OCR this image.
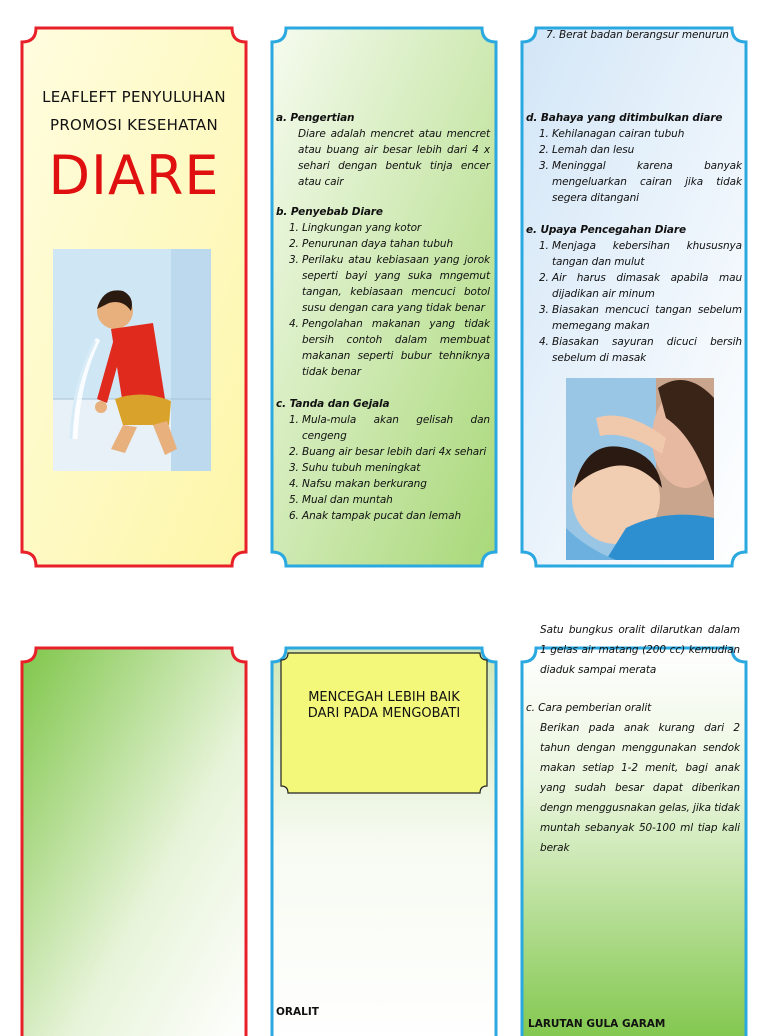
LEAFLEFT PENYULUHAN
PROMOSI KESEHATAN
DIARE
a. Pengertian
Diare adalah mencret atau mencret atau buang air besar lebih dari 4 x sehari dengan bentuk tinja encer atau cair
b. Penyebab Diare
1. Lingkungan yang kotor
2. Penurunan daya tahan tubuh
3. Perilaku atau kebiasaan yang jorok seperti bayi yang suka mngemut tangan, kebiasaan mencuci botol susu dengan cara yang tidak benar
4. Pengolahan makanan yang tidak bersih contoh dalam membuat makanan seperti bubur tehniknya tidak benar
c. Tanda dan Gejala
1. Mula-mula akan gelisah dan cengeng
2. Buang air besar lebih dari 4x sehari
3. Suhu tubuh meningkat
4. Nafsu makan berkurang
5. Mual dan muntah
6. Anak tampak pucat dan lemah
7. Berat badan berangsur menurun
d. Bahaya yang ditimbulkan diare
1. Kehilanagan cairan tubuh
2. Lemah dan lesu
3. Meninggal karena banyak mengeluarkan cairan jika tidak segera ditangani
e. Upaya Pencegahan Diare
1. Menjaga kebersihan khususnya tangan dan mulut
2. Air harus dimasak apabila mau dijadikan air minum
3. Biasakan mencuci tangan sebelum memegang makan
4. Biasakan sayuran dicuci bersih sebelum di masak
MENCEGAH LEBIH BAIK DARI PADA MENGOBATI
ORALIT
Satu bungkus oralit dilarutkan dalam 1 gelas air matang (200 cc) kemudian diaduk sampai merata
c. Cara pemberian oralit
Berikan pada anak kurang dari 2 tahun dengan menggunakan sendok makan setiap 1-2 menit, bagi anak yang sudah besar dapat diberikan dengn menggusnakan gelas, jika tidak muntah sebanyak 50-100 ml tiap kali berak
LARUTAN GULA GARAM
